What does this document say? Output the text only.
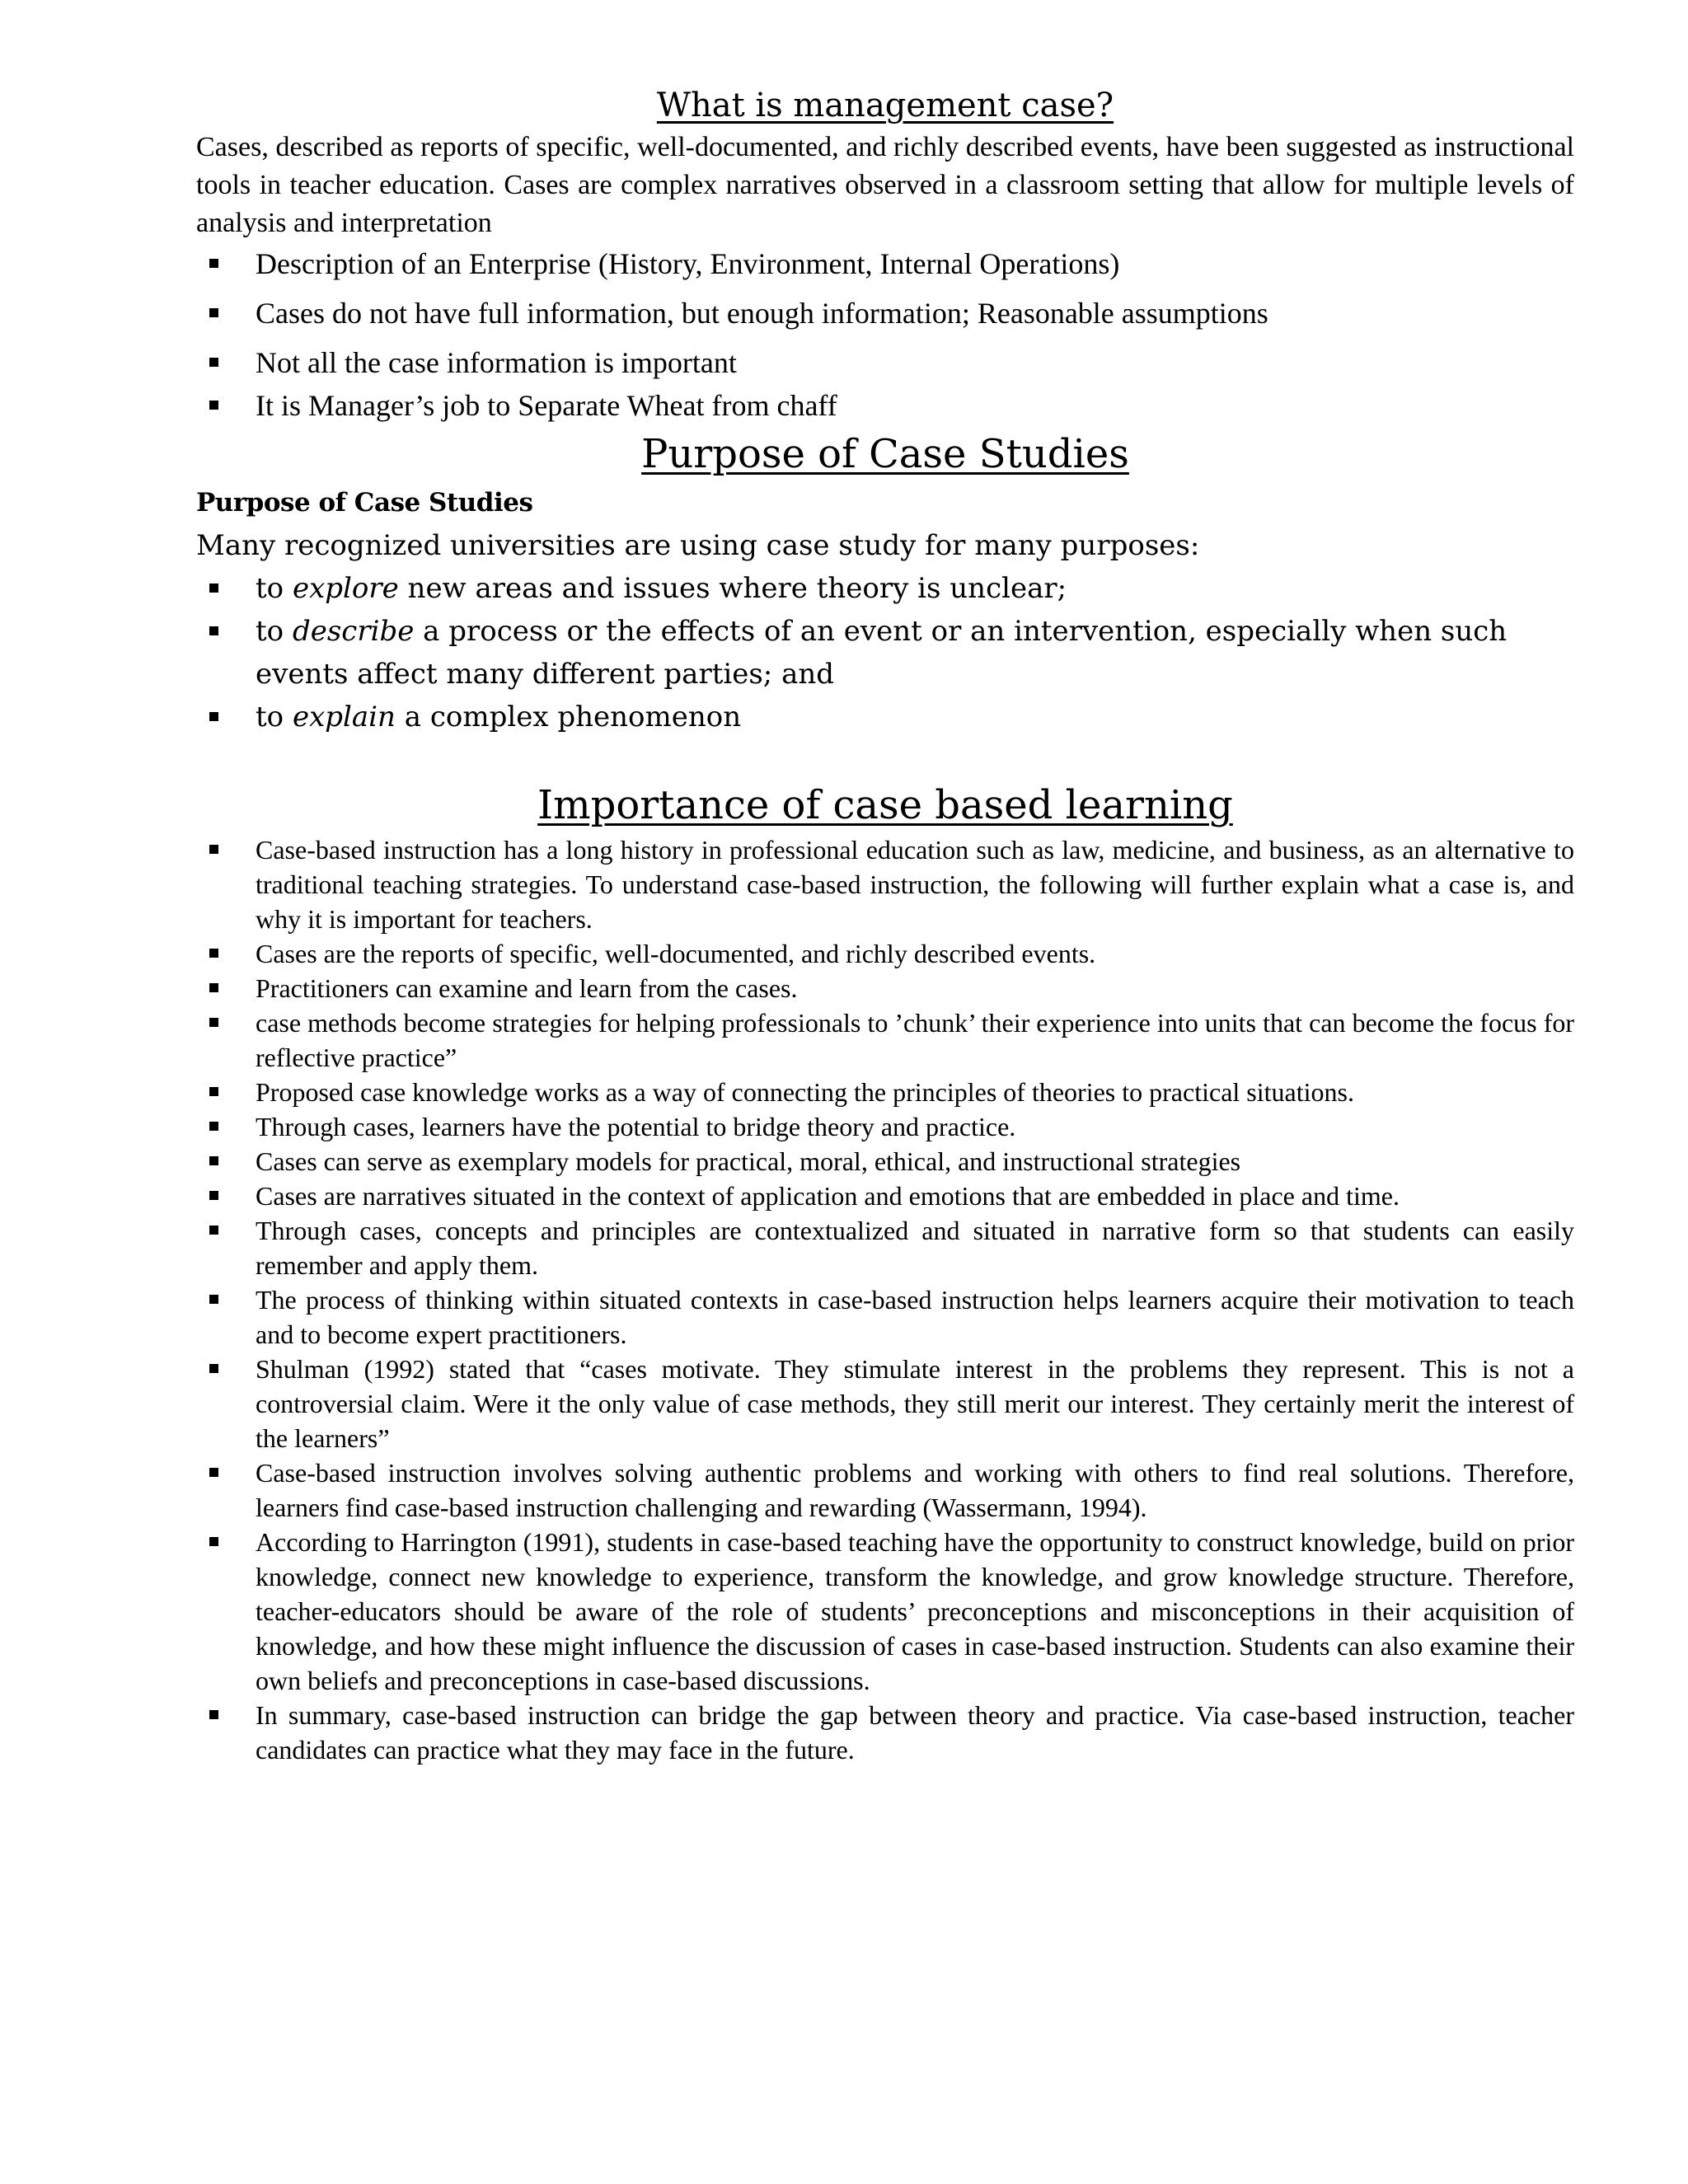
What is management case?

Cases, described as reports of specific, well-documented, and richly described events, have been suggested as instructional tools in teacher education. Cases are complex narratives observed in a classroom setting that allow for multiple levels of analysis and interpretation

Description of an Enterprise (History, Environment, Internal Operations)
Cases do not have full information, but enough information; Reasonable assumptions
Not all the case information is important
It is Manager’s job to Separate Wheat from chaff
Purpose of Case Studies
Purpose of Case Studies

Many recognized universities are using case study for many purposes:

to explore new areas and issues where theory is unclear;
to describe a process or the effects of an event or an intervention, especially when such events affect many different parties; and
to explain a complex phenomenon
Importance of case based learning
Case-based instruction has a long history in professional education such as law, medicine, and business, as an alternative to traditional teaching strategies. To understand case-based instruction, the following will further explain what a case is, and why it is important for teachers.
Cases are the reports of specific, well-documented, and richly described events.
Practitioners can examine and learn from the cases.
case methods become strategies for helping professionals to ’chunk’ their experience into units that can become the focus for reflective practice”
Proposed case knowledge works as a way of connecting the principles of theories to practical situations.
Through cases, learners have the potential to bridge theory and practice.
Cases can serve as exemplary models for practical, moral, ethical, and instructional strategies
Cases are narratives situated in the context of application and emotions that are embedded in place and time.
Through cases, concepts and principles are contextualized and situated in narrative form so that students can easily remember and apply them.
The process of thinking within situated contexts in case-based instruction helps learners acquire their motivation to teach and to become expert practitioners.
Shulman (1992) stated that “cases motivate. They stimulate interest in the problems they represent. This is not a controversial claim. Were it the only value of case methods, they still merit our interest. They certainly merit the interest of the learners”
Case-based instruction involves solving authentic problems and working with others to find real solutions. Therefore, learners find case-based instruction challenging and rewarding (Wassermann, 1994).
According to Harrington (1991), students in case-based teaching have the opportunity to construct knowledge, build on prior knowledge, connect new knowledge to experience, transform the knowledge, and grow knowledge structure. Therefore, teacher-educators should be aware of the role of students’ preconceptions and misconceptions in their acquisition of knowledge, and how these might influence the discussion of cases in case-based instruction. Students can also examine their own beliefs and preconceptions in case-based discussions.
In summary, case-based instruction can bridge the gap between theory and practice. Via case-based instruction, teacher candidates can practice what they may face in the future.
